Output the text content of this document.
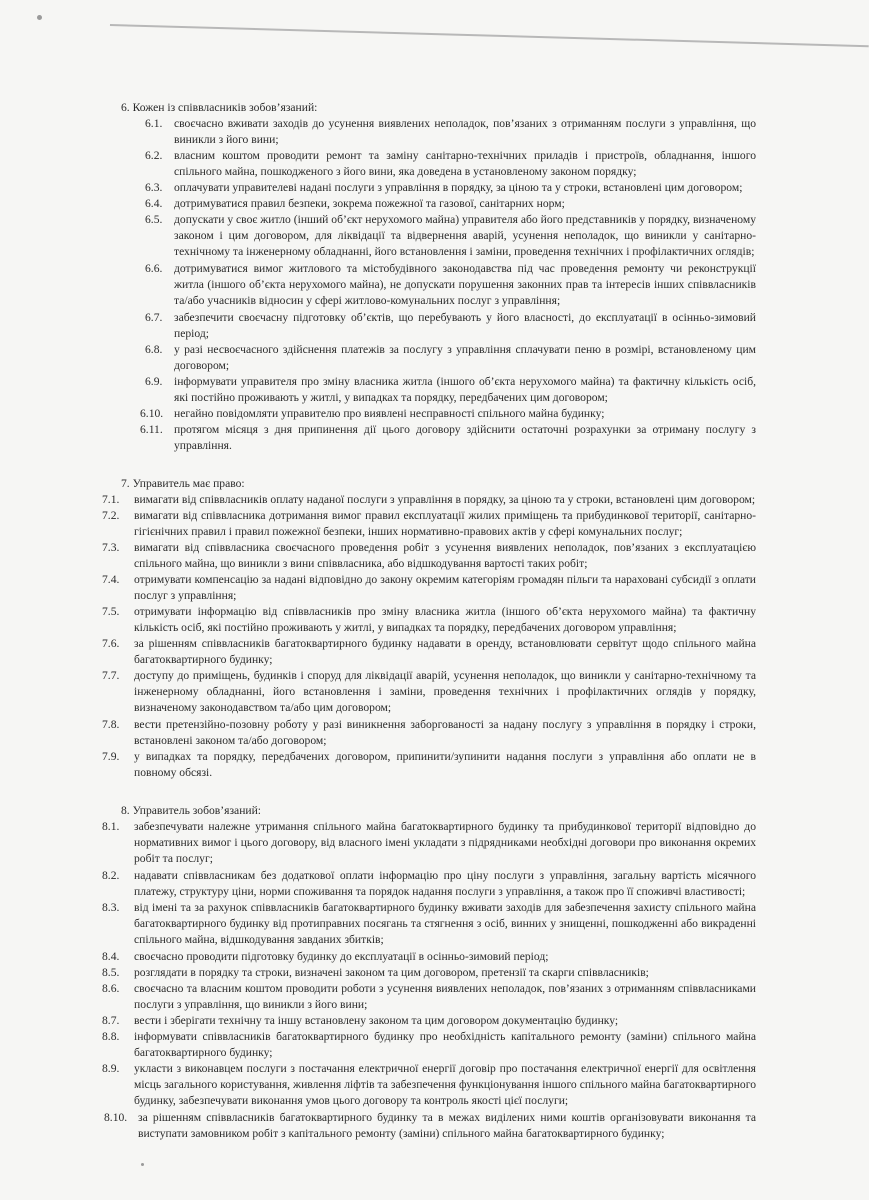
6. Кожен із співвласників зобов’язаний:
6.1.	своєчасно вживати заходів до усунення виявлених неполадок, пов’язаних з отриманням послуги з управління, що виникли з його вини;
6.2.	власним коштом проводити ремонт та заміну санітарно-технічних приладів і пристроїв, обладнання, іншого спільного майна, пошкодженого з його вини, яка доведена в установленому законом порядку;
6.3.	оплачувати управителеві надані послуги з управління в порядку, за ціною та у строки, встановлені цим договором;
6.4.	дотримуватися правил безпеки, зокрема пожежної та газової, санітарних норм;
6.5.	допускати у своє житло (інший об’єкт нерухомого майна) управителя або його представників у порядку, визначеному законом і цим договором, для ліквідації та відвернення аварій, усунення неполадок, що виникли у санітарно-технічному та інженерному обладнанні, його встановлення і заміни, проведення технічних і профілактичних оглядів;
6.6.	дотримуватися вимог житлового та містобудівного законодавства під час проведення ремонту чи реконструкції житла (іншого об’єкта нерухомого майна), не допускати порушення законних прав та інтересів інших співвласників та/або учасників відносин у сфері житлово-комунальних послуг з управління;
6.7.	забезпечити своєчасну підготовку об’єктів, що перебувають у його власності, до експлуатації в осінньо-зимовий період;
6.8.	у разі несвоєчасного здійснення платежів за послугу з управління сплачувати пеню в розмірі, встановленому цим договором;
6.9.	інформувати управителя про зміну власника житла (іншого об’єкта нерухомого майна) та фактичну кількість осіб, які постійно проживають у житлі, у випадках та порядку, передбачених цим договором;
6.10. негайно повідомляти управителю про виявлені несправності спільного майна будинку;
6.11. протягом місяця з дня припинення дії цього договору здійснити остаточні розрахунки за отриману послугу з управління.
7. Управитель має право:
7.1.	вимагати від співвласників оплату наданої послуги з управління в порядку, за ціною та у строки, встановлені цим договором;
7.2.	вимагати від співвласника дотримання вимог правил експлуатації жилих приміщень та прибудинкової території, санітарно-гігієнічних правил і правил пожежної безпеки, інших нормативно-правових актів у сфері комунальних послуг;
7.3.	вимагати від співвласника своєчасного проведення робіт з усунення виявлених неполадок, пов’язаних з експлуатацією спільного майна, що виникли з вини співвласника, або відшкодування вартості таких робіт;
7.4.	отримувати компенсацію за надані відповідно до закону окремим категоріям громадян пільги та нараховані субсидії з оплати послуг з управління;
7.5.	отримувати інформацію від співвласників про зміну власника житла (іншого об’єкта нерухомого майна) та фактичну кількість осіб, які постійно проживають у житлі, у випадках та порядку, передбачених договором управління;
7.6.	за рішенням співвласників багатоквартирного будинку надавати в оренду, встановлювати сервітут щодо спільного майна багатоквартирного будинку;
7.7.	доступу до приміщень, будинків і споруд для ліквідації аварій, усунення неполадок, що виникли у санітарно-технічному та інженерному обладнанні, його встановлення і заміни, проведення технічних і профілактичних оглядів у порядку, визначеному законодавством та/або цим договором;
7.8.	вести претензійно-позовну роботу у разі виникнення заборгованості за надану послугу з управління в порядку і строки, встановлені законом та/або договором;
7.9.	у випадках та порядку, передбачених договором, припинити/зупинити надання послуги з управління або оплати не в повному обсязі.
8. Управитель зобов’язаний:
8.1.	забезпечувати належне утримання спільного майна багатоквартирного будинку та прибудинкової території відповідно до нормативних вимог і цього договору, від власного імені укладати з підрядниками необхідні договори про виконання окремих робіт та послуг;
8.2.	надавати співвласникам без додаткової оплати інформацію про ціну послуги з управління, загальну вартість місячного платежу, структуру ціни, норми споживання та порядок надання послуги з управління, а також про її споживчі властивості;
8.3.	від імені та за рахунок співвласників багатоквартирного будинку вживати заходів для забезпечення захисту спільного майна багатоквартирного будинку від протиправних посягань та стягнення з осіб, винних у знищенні, пошкодженні або викраденні спільного майна, відшкодування завданих збитків;
8.4.	своєчасно проводити підготовку будинку до експлуатації в осінньо-зимовий період;
8.5.	розглядати в порядку та строки, визначені законом та цим договором, претензії та скарги співвласників;
8.6.	своєчасно та власним коштом проводити роботи з усунення виявлених неполадок, пов’язаних з отриманням співвласниками послуги з управління, що виникли з його вини;
8.7.	вести і зберігати технічну та іншу встановлену законом та цим договором документацію будинку;
8.8.	інформувати співвласників багатоквартирного будинку про необхідність капітального ремонту (заміни) спільного майна багатоквартирного будинку;
8.9.	укласти з виконавцем послуги з постачання електричної енергії договір про постачання електричної енергії для освітлення місць загального користування, живлення ліфтів та забезпечення функціонування іншого спільного майна багатоквартирного будинку, забезпечувати виконання умов цього договору та контроль якості цієї послуги;
8.10. за рішенням співвласників багатоквартирного будинку та в межах виділених ними коштів організовувати виконання та виступати замовником робіт з капітального ремонту (заміни) спільного майна багатоквартирного будинку;
